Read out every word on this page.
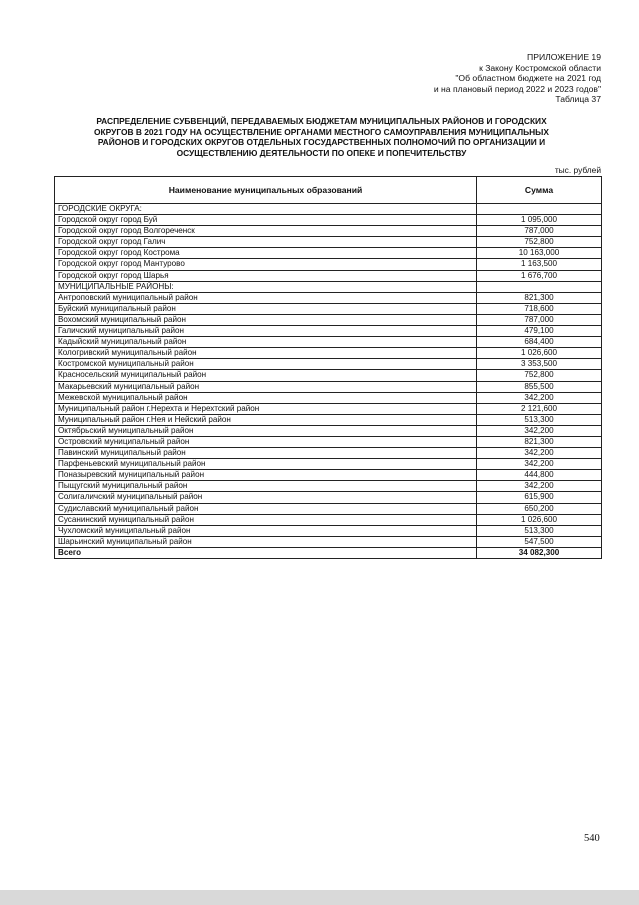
ПРИЛОЖЕНИЕ 19
к Закону Костромской области
"Об областном бюджете на 2021 год
и на плановый период 2022 и 2023 годов"
Таблица 37
РАСПРЕДЕЛЕНИЕ СУБВЕНЦИЙ, ПЕРЕДАВАЕМЫХ БЮДЖЕТАМ МУНИЦИПАЛЬНЫХ РАЙОНОВ И ГОРОДСКИХ
ОКРУГОВ В 2021 ГОДУ НА ОСУЩЕСТВЛЕНИЕ ОРГАНАМИ МЕСТНОГО САМОУПРАВЛЕНИЯ МУНИЦИПАЛЬНЫХ
РАЙОНОВ И ГОРОДСКИХ ОКРУГОВ ОТДЕЛЬНЫХ ГОСУДАРСТВЕННЫХ ПОЛНОМОЧИЙ ПО ОРГАНИЗАЦИИ И
ОСУЩЕСТВЛЕНИЮ ДЕЯТЕЛЬНОСТИ ПО ОПЕКЕ И ПОПЕЧИТЕЛЬСТВУ
тыс. рублей
Наименование муниципальных образований	Сумма
ГОРОДСКИЕ ОКРУГА:	
Городской округ город Буй	1 095,000
Городской округ город Волгореченск	787,000
Городской округ город Галич	752,800
Городской округ город Кострома	10 163,000
Городской округ город Мантурово	1 163,500
Городской округ город Шарья	1 676,700
МУНИЦИПАЛЬНЫЕ РАЙОНЫ:	
Антроповский муниципальный район	821,300
Буйский муниципальный район	718,600
Вохомский муниципальный район	787,000
Галичский муниципальный район	479,100
Кадыйский муниципальный район	684,400
Кологривский муниципальный район	1 026,600
Костромской муниципальный район	3 353,500
Красносельский муниципальный район	752,800
Макарьевский муниципальный район	855,500
Межевской муниципальный район	342,200
Муниципальный район г.Нерехта и Нерехтский район	2 121,600
Муниципальный район г.Нея и Нейский район	513,300
Октябрьский муниципальный район	342,200
Островский муниципальный район	821,300
Павинский муниципальный район	342,200
Парфеньевский муниципальный район	342,200
Поназыревский муниципальный район	444,800
Пыщугский муниципальный район	342,200
Солигаличский муниципальный район	615,900
Судиславский муниципальный район	650,200
Сусанинский муниципальный район	1 026,600
Чухломский муниципальный район	513,300
Шарьинский муниципальный район	547,500
Всего	34 082,300
540
